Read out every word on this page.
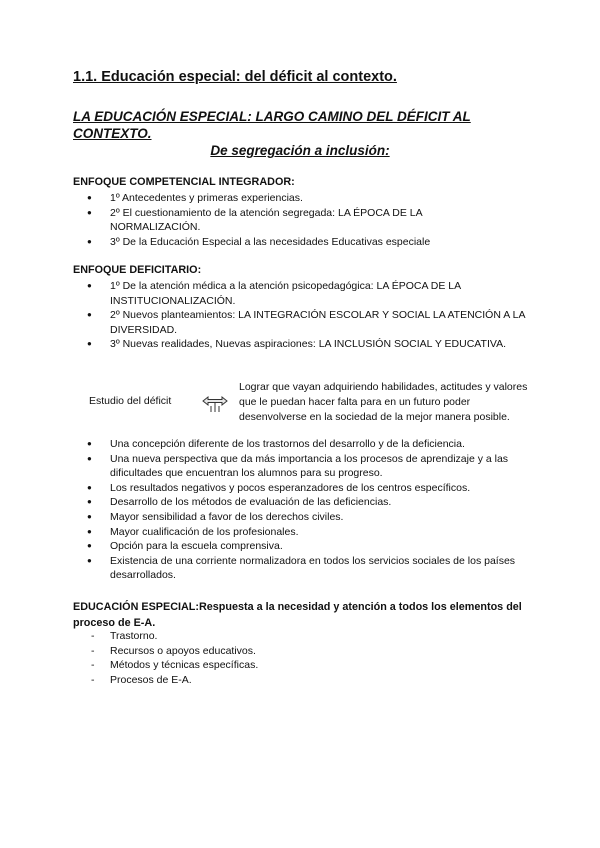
1.1. Educación especial: del déficit al contexto.
LA EDUCACIÓN ESPECIAL: LARGO CAMINO DEL DÉFICIT AL CONTEXTO.
De segregación a inclusión:
ENFOQUE COMPETENCIAL INTEGRADOR:
● 1º Antecedentes y primeras experiencias.
● 2º El cuestionamiento de la atención segregada: LA ÉPOCA DE LA NORMALIZACIÓN.
● 3º De la Educación Especial a las necesidades Educativas especiale
ENFOQUE DEFICITARIO:
● 1º De la atención médica a la atención psicopedagógica: LA ÉPOCA DE LA INSTITUCIONALIZACIÓN.
● 2º Nuevos planteamientos: LA INTEGRACIÓN ESCOLAR Y SOCIAL LA ATENCIÓN A LA DIVERSIDAD.
● 3º Nuevas realidades, Nuevas aspiraciones: LA INCLUSIÓN SOCIAL Y EDUCATIVA.
Estudio del déficit
Lograr que vayan adquiriendo habilidades, actitudes y valores que le puedan hacer falta para en un futuro poder desenvolverse en la sociedad de la mejor manera posible.
● Una concepción diferente de los trastornos del desarrollo y de la deficiencia.
● Una nueva perspectiva que da más importancia a los procesos de aprendizaje y a las dificultades que encuentran los alumnos para su progreso.
● Los resultados negativos y pocos esperanzadores de los centros específicos.
● Desarrollo de los métodos de evaluación de las deficiencias.
● Mayor sensibilidad a favor de los derechos civiles.
● Mayor cualificación de los profesionales.
● Opción para la escuela comprensiva.
● Existencia de una corriente normalizadora en todos los servicios sociales de los países desarrollados.
EDUCACIÓN ESPECIAL:Respuesta a la necesidad y atención a todos los elementos del proceso de E-A.
- Trastorno.
- Recursos o apoyos educativos.
- Métodos y técnicas específicas.
- Procesos de E-A.
